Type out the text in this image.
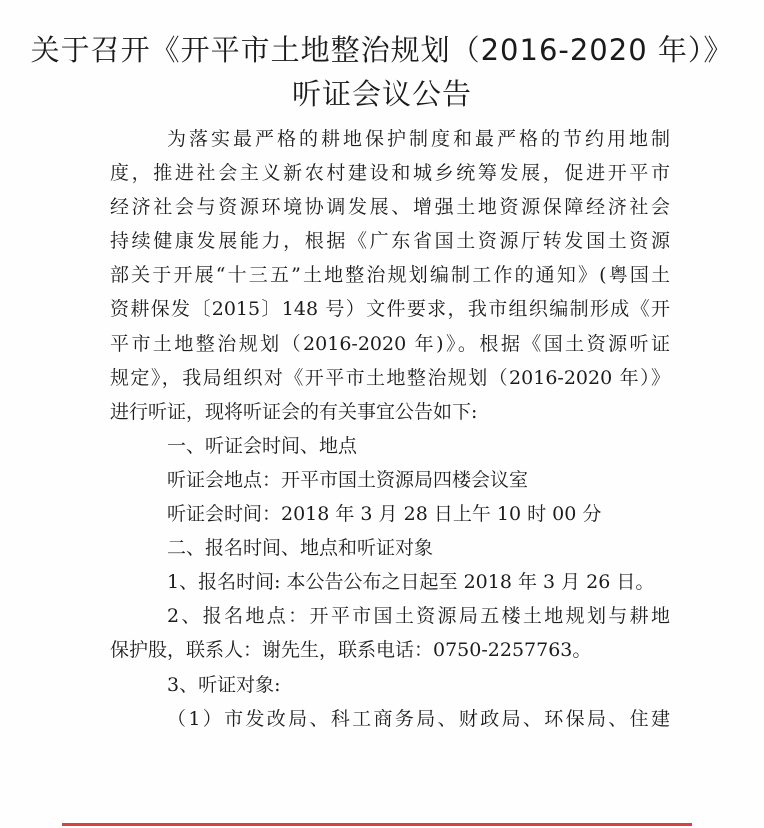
关于召开《开平市土地整治规划（2016-2020 年）》
听证会议公告
为落实最严格的耕地保护制度和最严格的节约用地制
度，推进社会主义新农村建设和城乡统筹发展，促进开平市
经济社会与资源环境协调发展、增强土地资源保障经济社会
持续健康发展能力，根据《广东省国土资源厅转发国土资源
部关于开展“十三五”土地整治规划编制工作的通知》(粤国土
资耕保发〔2015〕148 号）文件要求，我市组织编制形成《开
平市土地整治规划（2016-2020 年)》。根据《国土资源听证
规定》，我局组织对《开平市土地整治规划（2016-2020 年）》
进行听证，现将听证会的有关事宜公告如下:
一、听证会时间、地点
听证会地点：开平市国土资源局四楼会议室
听证会时间：2018 年 3 月 28 日上午 10 时 00 分
二、报名时间、地点和听证对象
1、报名时间: 本公告公布之日起至 2018 年 3 月 26 日。
2、报名地点：开平市国土资源局五楼土地规划与耕地
保护股，联系人：谢先生，联系电话：0750-2257763。
3、听证对象:
（1）市发改局、科工商务局、财政局、环保局、住建
